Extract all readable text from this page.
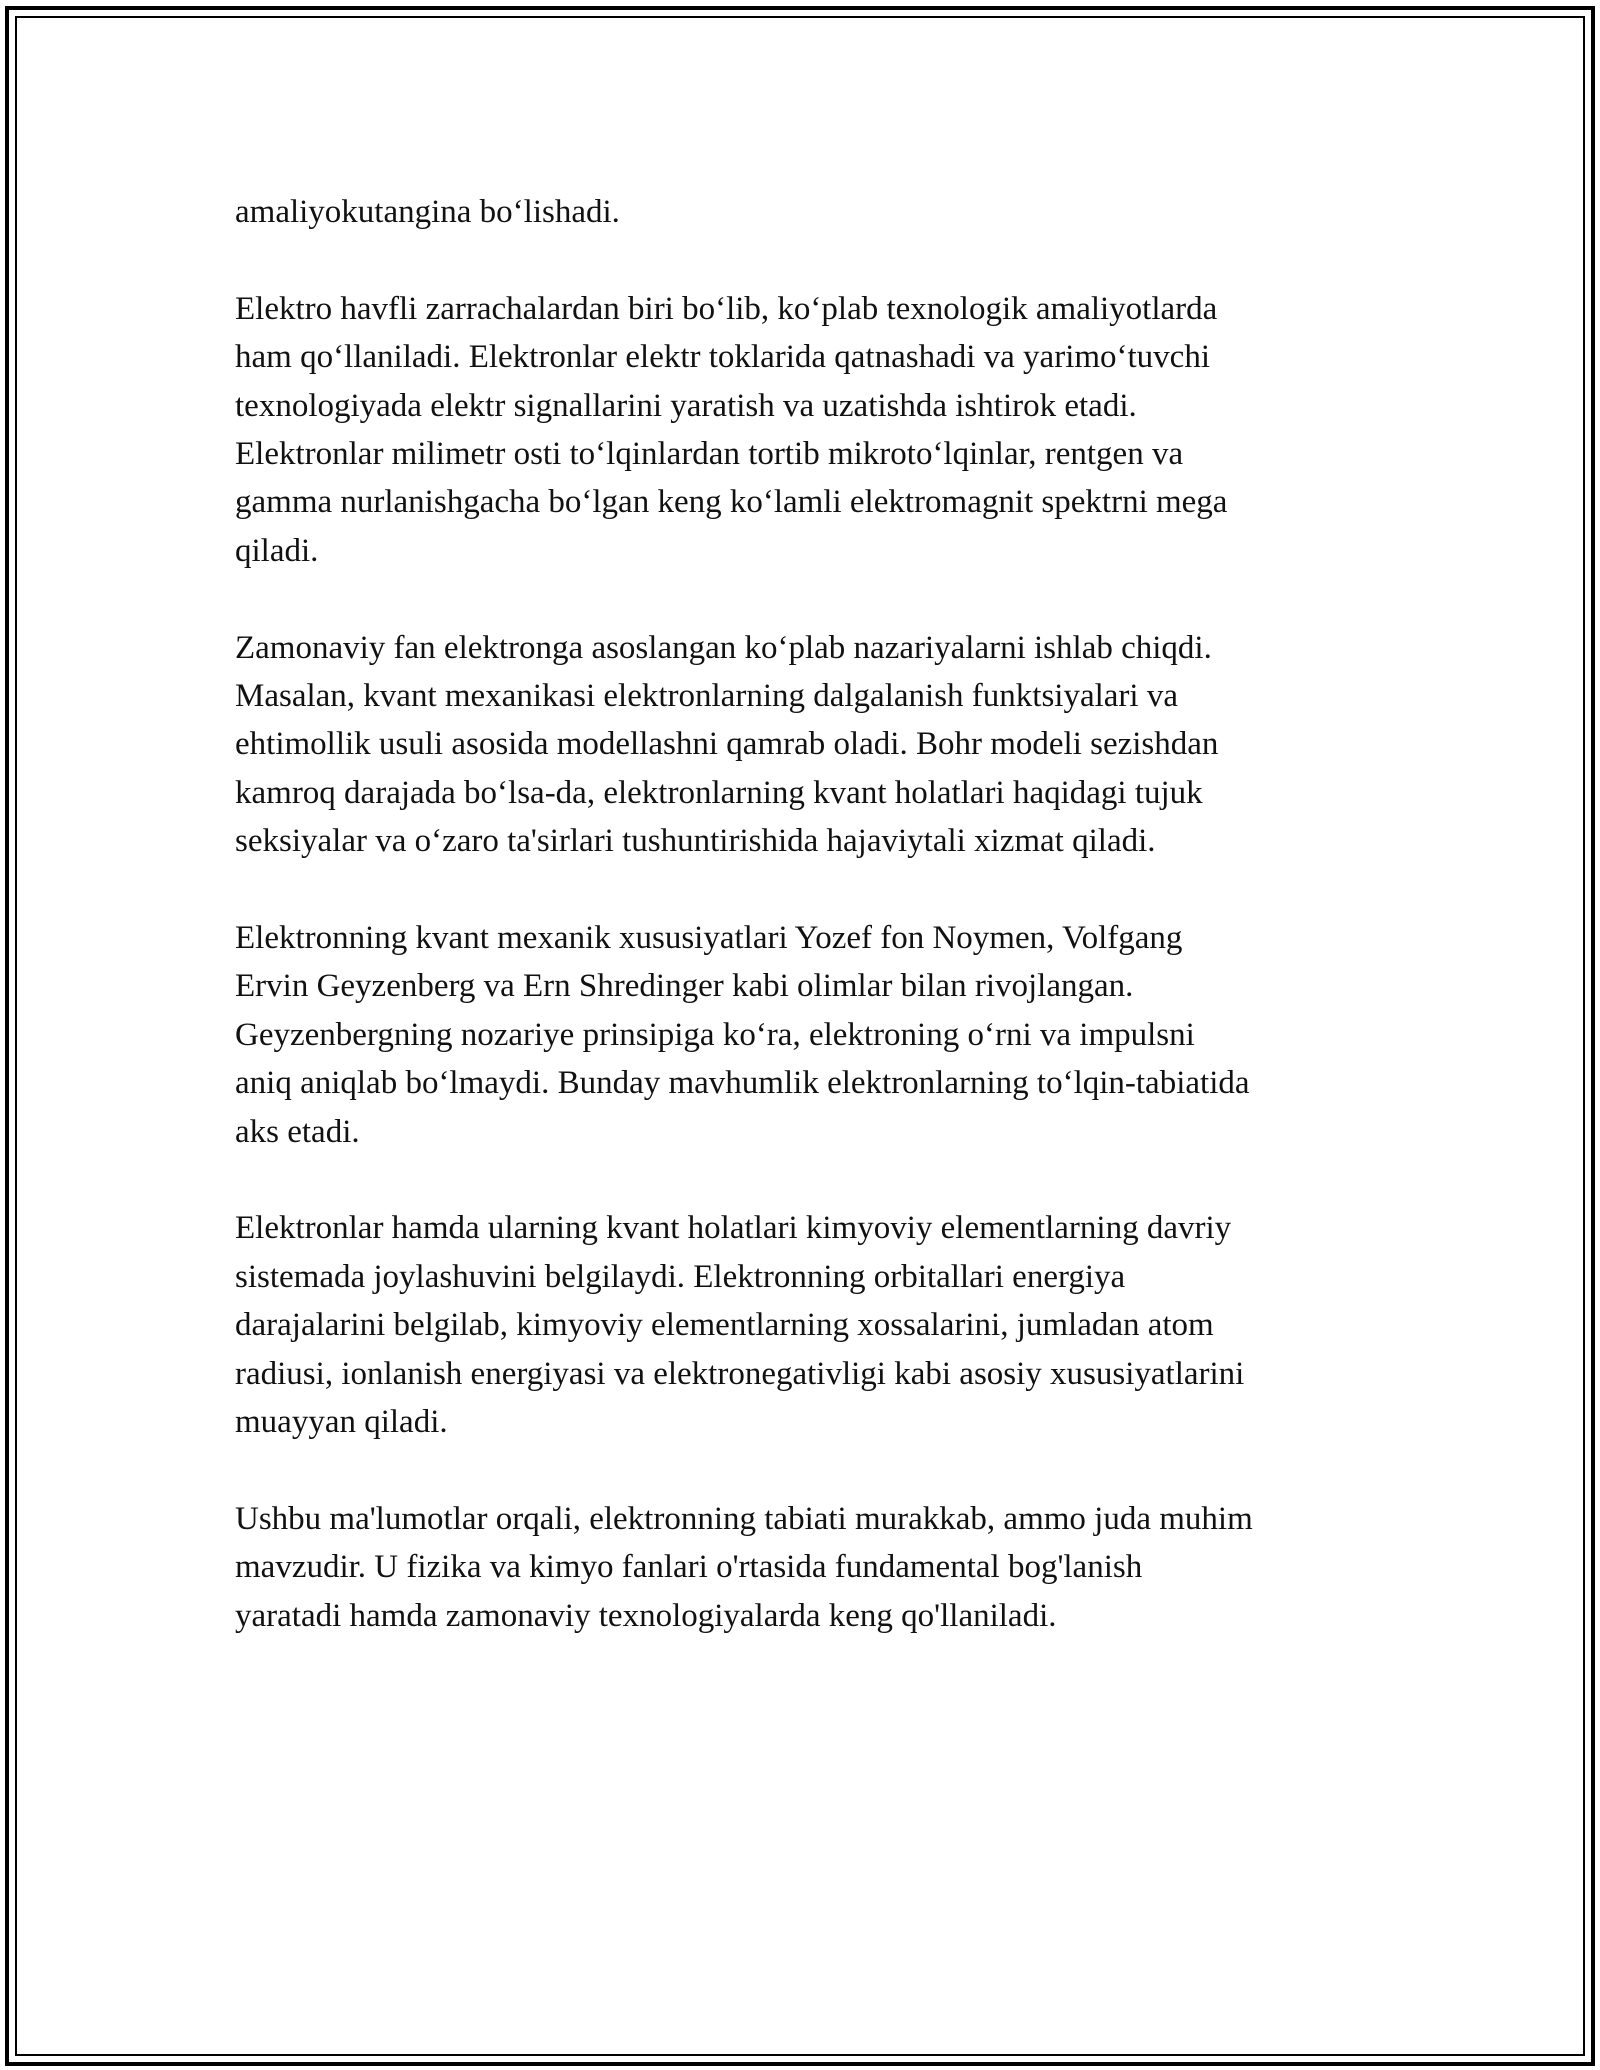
amaliyokutangina bo‘lishadi.

Elektro havfli zarrachalardan biri bo‘lib, ko‘plab texnologik amaliyotlarda
ham qo‘llaniladi. Elektronlar elektr toklarida qatnashadi va yarimo‘tuvchi
texnologiyada elektr signallarini yaratish va uzatishda ishtirok etadi.
Elektronlar milimetr osti to‘lqinlardan tortib mikroto‘lqinlar, rentgen va
gamma nurlanishgacha bo‘lgan keng ko‘lamli elektromagnit spektrni mega
qiladi.

Zamonaviy fan elektronga asoslangan ko‘plab nazariyalarni ishlab chiqdi.
Masalan, kvant mexanikasi elektronlarning dalgalanish funktsiyalari va
ehtimollik usuli asosida modellashni qamrab oladi. Bohr modeli sezishdan
kamroq darajada bo‘lsa-da, elektronlarning kvant holatlari haqidagi tujuk
seksiyalar va o‘zaro ta'sirlari tushuntirishida hajaviytali xizmat qiladi.

Elektronning kvant mexanik xususiyatlari Yozef fon Noymen, Volfgang
Ervin Geyzenberg va Ern Shredinger kabi olimlar bilan rivojlangan.
Geyzenbergning nozariye prinsipiga ko‘ra, elektroning o‘rni va impulsni
aniq aniqlab bo‘lmaydi. Bunday mavhumlik elektronlarning to‘lqin-tabiatida
aks etadi.

Elektronlar hamda ularning kvant holatlari kimyoviy elementlarning davriy
sistemada joylashuvini belgilaydi. Elektronning orbitallari energiya
darajalarini belgilab, kimyoviy elementlarning xossalarini, jumladan atom
radiusi, ionlanish energiyasi va elektronegativligi kabi asosiy xususiyatlarini
muayyan qiladi.

Ushbu ma'lumotlar orqali, elektronning tabiati murakkab, ammo juda muhim
mavzudir. U fizika va kimyo fanlari o'rtasida fundamental bog'lanish
yaratadi hamda zamonaviy texnologiyalarda keng qo'llaniladi.
